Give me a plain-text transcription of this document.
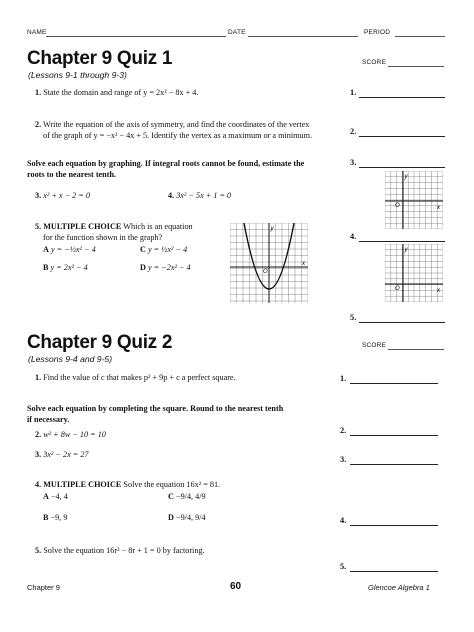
NAME	DATE	PERIOD
Chapter 9 Quiz 1
(Lessons 9-1 through 9-3)
SCORE
1. State the domain and range of y = 2x² − 8x + 4.
2. Write the equation of the axis of symmetry, and find the coordinates of the vertex
of the graph of y = −x² − 4x + 5. Identify the vertex as a maximum or a minimum.
Solve each equation by graphing. If integral roots cannot be found, estimate the
roots to the nearest tenth.
3. x² + x − 2 = 0	4. 3x² − 5x + 1 = 0
5. MULTIPLE CHOICE Which is an equation
for the function shown in the graph?
A y = −½x² − 4	C y = ½x² − 4
B y = 2x² − 4	D y = −2x² − 4
y
x
O
1.
2.
3.
y
x
O
4.
y
x
O
5.
Chapter 9 Quiz 2
(Lessons 9-4 and 9-5)
SCORE
1. Find the value of c that makes p² + 9p + c a perfect square.
Solve each equation by completing the square. Round to the nearest tenth
if necessary.
2. w² + 8w − 10 = 10
3. 3x² − 2x = 27
4. MULTIPLE CHOICE Solve the equation 16x² = 81.
A −4, 4	C −9/4, 4/9
B −9, 9	D −9/4, 9/4
5. Solve the equation 16r² − 8r + 1 = 0 by factoring.
1.
2.
3.
4.
5.
Chapter 9	60	Glencoe Algebra 1
